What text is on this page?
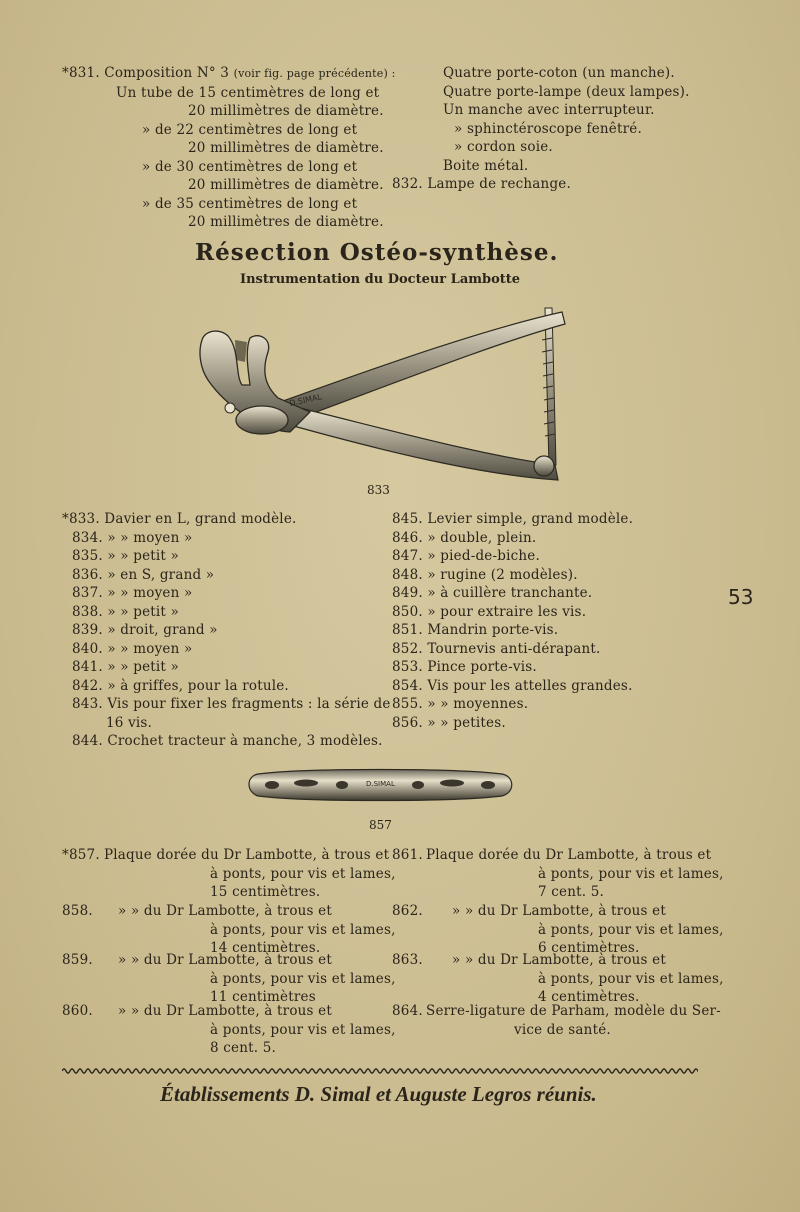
*831. Composition N° 3 (voir fig. page précédente) :
Un tube de 15 centimètres de long et
20 millimètres de diamètre.
» de 22 centimètres de long et
20 millimètres de diamètre.
» de 30 centimètres de long et
20 millimètres de diamètre.
» de 35 centimètres de long et
20 millimètres de diamètre.
Quatre porte-coton (un manche).
Quatre porte-lampe (deux lampes).
Un manche avec interrupteur.
» sphinctéroscope fenêtré.
» cordon soie.
Boite métal.
832. Lampe de rechange.
Résection Ostéo-synthèse.
Instrumentation du Docteur Lambotte
D.SIMAL
833
*833. Davier en L, grand modèle.
834. » » moyen »
835. » » petit »
836. » en S, grand »
837. » » moyen »
838. » » petit »
839. » droit, grand »
840. » » moyen »
841. » » petit »
842. » à griffes, pour la rotule.
843. Vis pour fixer les fragments : la série de
16 vis.
844. Crochet tracteur à manche, 3 modèles.
845. Levier simple, grand modèle.
846. » double, plein.
847. » pied-de-biche.
848. » rugine (2 modèles).
849. » à cuillère tranchante.
850. » pour extraire les vis.
851. Mandrin porte-vis.
852. Tournevis anti-dérapant.
853. Pince porte-vis.
854. Vis pour les attelles grandes.
855. » » moyennes.
856. » » petites.
53
D.SIMAL
857
*857. Plaque dorée du Dr Lambotte, à trous et
à ponts, pour vis et lames,
15 centimètres.
858. » » du Dr Lambotte, à trous et
à ponts, pour vis et lames,
14 centimètres.
859. » » du Dr Lambotte, à trous et
à ponts, pour vis et lames,
11 centimètres
860. » » du Dr Lambotte, à trous et
à ponts, pour vis et lames,
8 cent. 5.
861. Plaque dorée du Dr Lambotte, à trous et
à ponts, pour vis et lames,
7 cent. 5.
862. » » du Dr Lambotte, à trous et
à ponts, pour vis et lames,
6 centimètres.
863. » » du Dr Lambotte, à trous et
à ponts, pour vis et lames,
4 centimètres.
864. Serre-ligature de Parham, modèle du Ser-
vice de santé.
Établissements D. Simal et Auguste Legros réunis.
